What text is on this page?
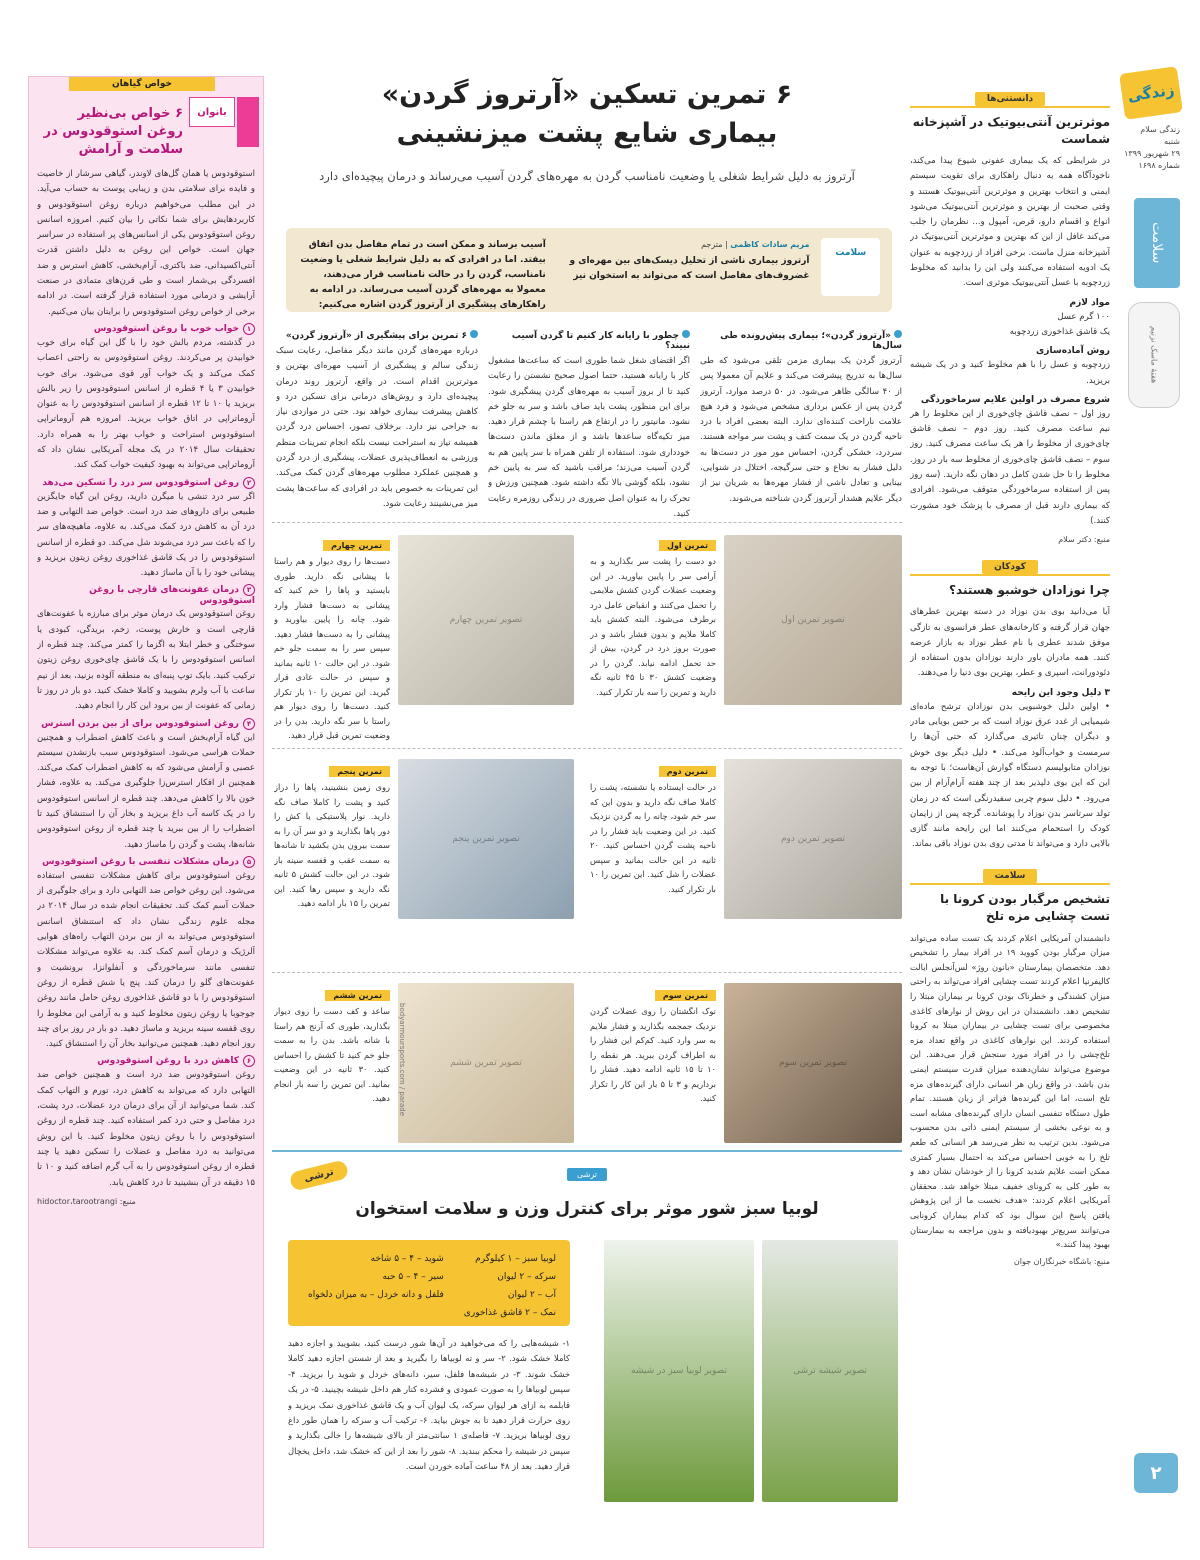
زندگی
زندگی سلام
شنبه
۲۹ شهریور ۱۳۹۹
شماره ۱۶۹۸
سلامت
هفتهٔ ماسک نزنیم
۲
دانستنی‌ها
موثرترین آنتی‌بیوتیک در آشپزخانه شماست
در شرایطی که یک بیماری عفونی شیوع پیدا می‌کند، ناخودآگاه همه به دنبال راهکاری برای تقویت سیستم ایمنی و انتخاب بهترین و موثرترین آنتی‌بیوتیک هستند و وقتی صحبت از بهترین و موثرترین آنتی‌بیوتیک می‌شود انواع و اقسام دارو، قرص، آمپول و... نظرمان را جلب می‌کند غافل از این که بهترین و موثرترین آنتی‌بیوتیک در آشپزخانه منزل ماست. برخی افراد از زردچوبه به عنوان یک ادویه استفاده می‌کنند ولی این را بدانید که مخلوط زردچوبه با عسل آنتی‌بیوتیک موثری است.
مواد لازم
۱۰۰ گرم عسل
یک قاشق غذاخوری زردچوبه
روش آماده‌سازی
زردچوبه و عسل را با هم مخلوط کنید و در یک شیشه بریزید.
شروع مصرف در اولین علایم سرماخوردگی
روز اول – نصف قاشق چای‌خوری از این مخلوط را هر نیم ساعت مصرف کنید. روز دوم – نصف قاشق چای‌خوری از مخلوط را هر یک ساعت مصرف کنید. روز سوم – نصف قاشق چای‌خوری از مخلوط سه بار در روز. مخلوط را تا حل شدن کامل در دهان نگه دارید. (سه روز پس از استفاده سرماخوردگی متوقف می‌شود. افرادی که بیماری دارند قبل از مصرف با پزشک خود مشورت کنند.)
منبع: دکتر سلام
کودکان
چرا نوزادان خوشبو هستند؟
آیا می‌دانید بوی بدن نوزاد در دسته بهترین عطرهای جهان قرار گرفته و کارخانه‌های عطر فرانسوی به تازگی موفق شدند عطری با نام عطر نوزاد به بازار عرضه کنند. همه مادران باور دارند نوزادان بدون استفاده از دئودورانت، اسپری و عطر، بهترین بوی دنیا را می‌دهند.
۳ دلیل وجود این رایحه
• اولین دلیل خوشبویی بدن نوزادان ترشح ماده‌ای شیمیایی از غدد عرق نوزاد است که بر حس بویایی مادر و دیگران چنان تاثیری می‌گذارد که حتی آن‌ها را سرمست و خواب‌آلود می‌کند. • دلیل دیگر بوی خوش نوزادان متابولیسم دستگاه گوارش آن‌هاست؛ با توجه به این که این بوی دلپذیر بعد از چند هفته آرام‌آرام از بین می‌رود. • دلیل سوم چربی سفیدرنگی است که در زمان تولد سرتاسر بدن نوزاد را پوشانده. گرچه پس از زایمان کودک را استحمام می‌کنند اما این رایحه مانند گازی بالایی دارد و می‌تواند تا مدتی روی بدن نوزاد باقی بماند.
سلامت
تشخیص مرگبار بودن کرونا با تست چشایی مزه تلخ
دانشمندان آمریکایی اعلام کردند یک تست ساده می‌تواند میزان مرگبار بودن کووید ۱۹ در افراد بیمار را تشخیص دهد. متخصصان بیمارستان «بانون روژ» لس‌آنجلس ایالت کالیفرنیا اعلام کردند تست چشایی افراد می‌تواند به راحتی میزان کشندگی و خطرناک بودن کرونا بر بیماران مبتلا را تشخیص دهد. دانشمندان در این روش از نوارهای کاغذی مخصوصی برای تست چشایی در بیماران مبتلا به کرونا استفاده کردند. این نوارهای کاغذی در واقع تعداد مزه تلخ‌چشی را در افراد مورد سنجش قرار می‌دهند. این موضوع می‌تواند نشان‌دهنده میزان قدرت سیستم ایمنی بدن باشد. در واقع زبان هر انسانی دارای گیرنده‌های مزه تلخ است، اما این گیرنده‌ها فراتر از زبان هستند. تمام طول دستگاه تنفسی انسان دارای گیرنده‌های مشابه است و به نوعی بخشی از سیستم ایمنی ذاتی بدن محسوب می‌شود. بدین ترتیب به نظر می‌رسد هر انسانی که طعم تلخ را به خوبی احساس می‌کند به احتمال بسیار کمتری ممکن است علایم شدید کرونا را از خودشان نشان دهد و به طور کلی به کرونای خفیف مبتلا خواهد شد. محققان آمریکایی اعلام کردند: «هدف نخست ما از این پژوهش یافتن پاسخ این سوال بود که کدام بیماران کرونایی می‌توانند سریع‌تر بهبودیافته و بدون مراجعه به بیمارستان بهبود پیدا کنند.»
منبع: باشگاه خبرنگاران جوان
۶ تمرین تسکین «آرتروز گردن»
بیماری شایع پشت میزنشینی
آرتروز به دلیل شرایط شغلی یا وضعیت نامناسب گردن به مهره‌های گردن آسیب می‌رساند و درمان پیچیده‌ای دارد
سلامت
مریم سادات کاظمی | مترجم
آرتروز بیماری ناشی از تحلیل دیسک‌های بین مهره‌ای و غضروف‌های مفاصل است که می‌تواند به استخوان نیز
آسیب برساند و ممکن است در تمام مفاصل بدن اتفاق بیفتد. اما در افرادی که به دلیل شرایط شغلی یا وضعیت نامناسب، گردن را در حالت نامناسب قرار می‌دهند، معمولا به مهره‌های گردن آسیب می‌رساند. در ادامه به راهکارهای پیشگیری از آرتروز گردن اشاره می‌کنیم:
«آرتروز گردن»؛ بیماری پیش‌رونده طی سال‌ها
آرتروز گردن یک بیماری مزمن تلقی می‌شود که طی سال‌ها به تدریج پیشرفت می‌کند و علایم آن معمولا پس از ۴۰ سالگی ظاهر می‌شود. در ۵۰ درصد موارد، آرتروز گردن پس از عکس برداری مشخص می‌شود و فرد هیچ علامت ناراحت کننده‌ای ندارد. البته بعضی افراد با درد ناحیه گردن در یک سمت کتف و پشت سر مواجه هستند. سردرد، خشکی گردن، احساس مور مور در دست‌ها به دلیل فشار به نخاع و حتی سرگیجه، اختلال در شنوایی، بینایی و تعادل ناشی از فشار مهره‌ها به شریان نیز از دیگر علایم هشدار آرتروز گردن شناخته می‌شوند.
چطور با رایانه کار کنیم تا گردن آسیب نبیند؟
اگر اقتضای شغل شما طوری است که ساعت‌ها مشغول کار با رایانه هستید، حتما اصول صحیح نشستن را رعایت کنید تا از بروز آسیب به مهره‌های گردن پیشگیری شود. برای این منظور، پشت باید صاف باشد و سر به جلو خم نشود. مانیتور را در ارتفاع هم راستا با چشم قرار دهید. میز تکیه‌گاه ساعدها باشد و از معلق ماندن دست‌ها خودداری شود. استفاده از تلفن همراه با سر پایین هم به گردن آسیب می‌زند؛ مراقب باشید که سر به پایین خم نشود، بلکه گوشی بالا نگه داشته شود. همچنین ورزش و تحرک را به عنوان اصل ضروری در زندگی روزمره رعایت کنید.
۶ تمرین برای پیشگیری از «آرتروز گردن»
درباره مهره‌های گردن مانند دیگر مفاصل، رعایت سبک زندگی سالم و پیشگیری از آسیب مهره‌ای بهترین و موثرترین اقدام است. در واقع، آرتروز روند درمان پیچیده‌ای دارد و روش‌های درمانی برای تسکین درد و کاهش پیشرفت بیماری خواهد بود. حتی در مواردی نیاز به جراحی نیز دارد. برخلاف تصور، احساس درد گردن همیشه نیاز به استراحت نیست بلکه انجام تمرینات منظم ورزشی به انعطاف‌پذیری عضلات، پیشگیری از درد گردن و همچنین عملکرد مطلوب مهره‌های گردن کمک می‌کند. این تمرینات به خصوص باید در افرادی که ساعت‌ها پشت میز می‌نشینند رعایت شود.
تصویر تمرین اول
تمرین اول
دو دست را پشت سر بگذارید و به آرامی سر را پایین بیاورید. در این وضعیت عضلات گردن کشش ملایمی را تحمل می‌کنند و انقباض عامل درد برطرف می‌شود. البته کشش باید کاملا ملایم و بدون فشار باشد و در صورت بروز درد در گردن، بیش از حد تحمل ادامه نیابد. گردن را در وضعیت کشش ۳۰ تا ۴۵ ثانیه نگه دارید و تمرین را سه بار تکرار کنید.
تصویر تمرین چهارم
تمرین چهارم
دست‌ها را روی دیوار و هم راستا با پیشانی نگه دارید. طوری بایستید و پاها را خم کنید که پیشانی به دست‌ها فشار وارد شود. چانه را پایین بیاورید و پیشانی را به دست‌ها فشار دهید. سپس سر را به سمت جلو خم شود. در این حالت ۱۰ ثانیه بمانید و سپس در حالت عادی قرار گیرید. این تمرین را ۱۰ بار تکرار کنید. دست‌ها را روی دیوار هم راستا با سر نگه دارید. بدن را در وضعیت تمرین قبل قرار دهید.
تصویر تمرین دوم
تمرین دوم
در حالت ایستاده یا نشسته، پشت را کاملا صاف نگه دارید و بدون این که سر خم شود، چانه را به گردن نزدیک کنید. در این وضعیت باید فشار را در ناحیه پشت گردن احساس کنید. ۲۰ ثانیه در این حالت بمانید و سپس عضلات را شل کنید. این تمرین را ۱۰ بار تکرار کنید.
تصویر تمرین پنجم
تمرین پنجم
روی زمین بنشینید، پاها را دراز کنید و پشت را کاملا صاف نگه دارید. نوار پلاستیکی یا کش را دور پاها بگذارید و دو سر آن را به سمت بیرون بدن بکشید تا شانه‌ها به سمت عقب و قفسه سینه باز شود. در این حالت کشش ۵ ثانیه نگه دارید و سپس رها کنید. این تمرین را ۱۵ بار ادامه دهید.
تصویر تمرین سوم
تمرین سوم
نوک انگشتان را روی عضلات گردن نزدیک جمجمه بگذارید و فشار ملایم به سر وارد کنید. کم‌کم این فشار را به اطراف گردن ببرید. هر نقطه را ۱۰ تا ۱۵ ثانیه ادامه دهید. فشار را برداریم و ۳ تا ۵ بار این کار را تکرار کنید.
تصویر تمرین ششم
bodyarmoursports.com / parade
تمرین ششم
ساعد و کف دست را روی دیوار بگذارید، طوری که آرنج هم راستا با شانه باشد. بدن را به سمت جلو خم کنید تا کشش را احساس کنید. ۳۰ ثانیه در این وضعیت بمانید. این تمرین را سه بار انجام دهید.
ترشی	ترشی
لوبیا سبز شور موثر برای کنترل وزن و سلامت استخوان
تصویر لوبیا سبز در شیشه	تصویر شیشه ترشی
لوبیا سبز – ۱ کیلوگرم
سرکه – ۲ لیوان
آب – ۲ لیوان
نمک – ۲ قاشق غذاخوری
شوید – ۴ – ۵ شاخه
سیر – ۴ – ۵ حبه
فلفل و دانه خردل – به میزان دلخواه
۱- شیشه‌هایی را که می‌خواهید در آن‌ها شور درست کنید، بشویید و اجازه دهید کاملا خشک شود. ۲- سر و ته لوبیاها را بگیرید و بعد از شستن اجازه دهید کاملا خشک شوند. ۳- در شیشه‌ها فلفل، سیر، دانه‌های خردل و شوید را بریزید. ۴- سپس لوبیاها را به صورت عمودی و فشرده کنار هم داخل شیشه بچینید. ۵- در یک قابلمه به ازای هر لیوان سرکه، یک لیوان آب و یک قاشق غذاخوری نمک بریزید و روی حرارت قرار دهید تا به جوش بیاید. ۶- ترکیب آب و سرکه را همان طور داغ روی لوبیاها بریزید. ۷- فاصله‌ی ۱ سانتی‌متر از بالای شیشه‌ها را خالی بگذارید و سپس در شیشه را محکم ببندید. ۸- شور را بعد از این که خشک شد، داخل یخچال قرار دهید. بعد از ۴۸ ساعت آماده خوردن است.
خواص گیاهان
بانوان
۶ خواص بی‌نظیر روغن استوقودوس در سلامت و آرامش
استوقودوس یا همان گل‌های لاوندر، گیاهی سرشار از خاصیت و فایده برای سلامتی بدن و زیبایی پوست به حساب می‌آید. در این مطلب می‌خواهیم درباره روغن استوقودوس و کاربردهایش برای شما نکاتی را بیان کنیم. امروزه اسانس روغن استوقودوس یکی از اسانس‌های پر استفاده در سراسر جهان است. خواص این روغن به دلیل داشتن قدرت آنتی‌اکسیدانی، ضد باکتری، آرام‌بخشی، کاهش استرس و ضد افسردگی بی‌شمار است و طی قرن‌های متمادی در صنعت آرایشی و درمانی مورد استفاده قرار گرفته است. در ادامه برخی از خواص روغن استوقودوس را برایتان بیان می‌کنیم.
۱خواب خوب با روغن استوقودوس
در گذشته، مردم بالش خود را با گل این گیاه برای خوب خوابیدن پر می‌کردند. روغن استوقودوس به راحتی اعصاب کمک می‌کند و یک خواب آور قوی می‌شود. برای خوب خوابیدن ۳ یا ۴ قطره از اسانس استوقودوس را زیر بالش بریزید یا ۱۰ تا ۱۲ قطره از اسانس استوقودوس را به عنوان آروماتراپی در اتاق خواب بریزید. امروزه هم آروماتراپی استوقودوس استراحت و خواب بهتر را به همراه دارد. تحقیقات سال ۲۰۱۴ در یک مجله آمریکایی نشان داد که آروماتراپی می‌تواند به بهبود کیفیت خواب کمک کند.
۲روغن استوقودوس سر درد را تسکین می‌دهد
اگر سر درد تنشی یا میگرن دارید، روغن این گیاه جایگزین طبیعی برای داروهای ضد درد است. خواص ضد التهابی و ضد درد آن به کاهش درد کمک می‌کند. به علاوه، ماهیچه‌های سر را که باعث سر درد می‌شوند شل می‌کند. دو قطره از اسانس استوقودوس را در یک قاشق غذاخوری روغن زیتون بریزید و پیشانی خود را با آن ماساژ دهید.
۳درمان عفونت‌های قارچی با روغن استوقودوس
روغن استوقودوس یک درمان موثر برای مبارزه با عفونت‌های قارچی است و خارش پوست، زخم، بریدگی، کبودی یا سوختگی و خطر ابتلا به اگزما را کمتر می‌کند. چند قطره از اسانس استوقودوس را با یک قاشق چای‌خوری روغن زیتون ترکیب کنید. بایک توپ پنبه‌ای به منطقه آلوده بزنید، بعد از نیم ساعت با آب ولرم بشویید و کاملا خشک کنید. دو بار در روز تا زمانی که عفونت از بین برود این کار را انجام دهید.
۴روغن استوقودوس برای از بین بردن استرس
این گیاه آرام‌بخش است و باعث کاهش اضطراب و همچنین حملات هراسی می‌شود. استوقودوس سبب بازنشدن سیستم عصبی و آرامش می‌شود که به کاهش اضطراب کمک می‌کند. همچنین از افکار استرس‌زا جلوگیری می‌کند. به علاوه، فشار خون بالا را کاهش می‌دهد. چند قطره از اسانس استوقودوس را در یک کاسه آب داغ بریزید و بخار آن را استنشاق کنید تا اضطراب را از بین ببرید یا چند قطره از روغن استوقودوس شانه‌ها، پشت و گردن را ماساژ دهید.
۵درمان مشکلات تنفسی با روغن استوقودوس
روغن استوقودوس برای کاهش مشکلات تنفسی استفاده می‌شود. این روغن خواص ضد التهابی دارد و برای جلوگیری از حملات آسم کمک کند. تحقیقات انجام شده در سال ۲۰۱۴ در مجله علوم زندگی نشان داد که استنشاق اسانس استوقودوس می‌تواند به از بین بردن التهاب راه‌های هوایی آلرژیک و درمان آسم کمک کند. به علاوه می‌تواند مشکلات تنفسی مانند سرماخوردگی و آنفلوانزا، برونشیت و عفونت‌های گلو را درمان کند. پنج یا شش قطره از روغن استوقودوس را با دو قاشق غذاخوری روغن حامل مانند روغن جوجوبا یا روغن زیتون مخلوط کنید و به آرامی این مخلوط را روی قفسه سینه بریزید و ماساژ دهید. دو بار در روز برای چند روز انجام دهید. همچنین می‌توانید بخار آن را استنشاق کنید.
۶کاهش درد با روغن استوقودوس
روغن استوقودوس ضد درد است و همچنین خواص ضد التهابی دارد که می‌تواند به کاهش درد، تورم و التهاب کمک کند. شما می‌توانید از آن برای درمان درد عضلات، درد پشت، درد مفاصل و حتی درد کمر استفاده کنید. چند قطره از روغن استوقودوس را با روغن زیتون مخلوط کنید. با این روش می‌توانید به درد مفاصل و عضلات را تسکین دهید یا چند قطره از روغن استوقودوس را به آب گرم اضافه کنید و ۱۰ تا ۱۵ دقیقه در آن بنشینید تا درد کاهش یابد.
منبع: hidoctor،tarootrangi
